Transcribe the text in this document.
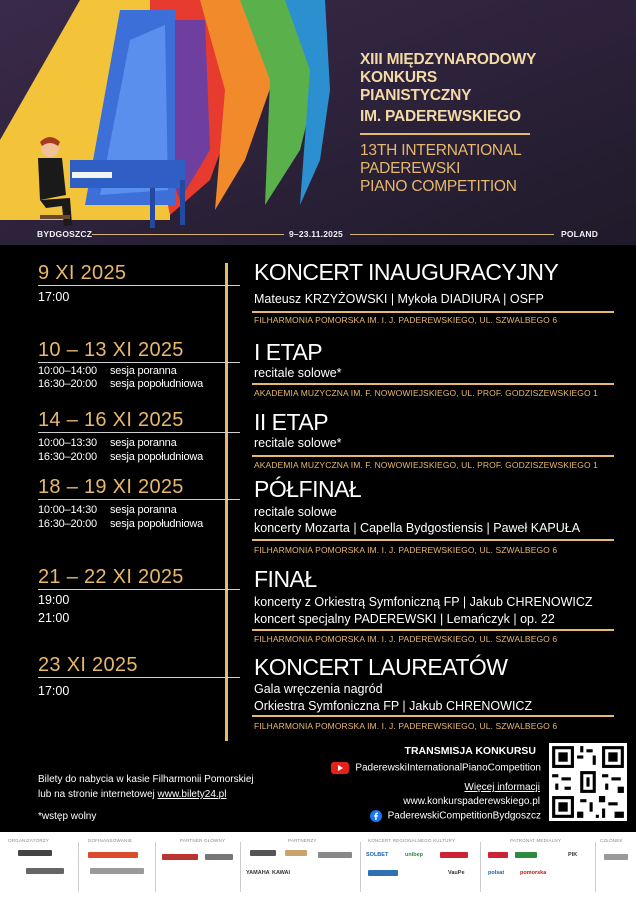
XIII MIĘDZYNARODOWY
KONKURS
PIANISTYCZNY
IM. PADEREWSKIEGO
13TH INTERNATIONAL
PADEREWSKI
PIANO COMPETITION
BYDGOSZCZ	9–23.11.2025	POLAND
9 XI 2025
17:00
KONCERT INAUGURACYJNY
Mateusz KRZYŻOWSKI | Mykoła DIADIURA | OSFP
FILHARMONIA POMORSKA IM. I. J. PADEREWSKIEGO, UL. SZWALBEGO 6
10 – 13 XI 2025
10:00–14:00 sesja poranna
16:30–20:00 sesja popołudniowa
I ETAP
recitale solowe*
AKADEMIA MUZYCZNA IM. F. NOWOWIEJSKIEGO, UL. PROF. GODZISZEWSKIEGO 1
14 – 16 XI 2025
10:00–13:30 sesja poranna
16:30–20:00 sesja popołudniowa
II ETAP
recitale solowe*
AKADEMIA MUZYCZNA IM. F. NOWOWIEJSKIEGO, UL. PROF. GODZISZEWSKIEGO 1
18 – 19 XI 2025
10:00–14:30 sesja poranna
16:30–20:00 sesja popołudniowa
PÓŁFINAŁ
recitale solowe
koncerty Mozarta | Capella Bydgostiensis | Paweł KAPUŁA
FILHARMONIA POMORSKA IM. I. J. PADEREWSKIEGO, UL. SZWALBEGO 6
21 – 22 XI 2025
19:00
21:00
FINAŁ
koncerty z Orkiestrą Symfoniczną FP | Jakub CHRENOWICZ
koncert specjalny PADEREWSKI | Lemańczyk | op. 22
FILHARMONIA POMORSKA IM. I. J. PADEREWSKIEGO, UL. SZWALBEGO 6
23 XI 2025
17:00
KONCERT LAUREATÓW
Gala wręczenia nagród
Orkiestra Symfoniczna FP | Jakub CHRENOWICZ
FILHARMONIA POMORSKA IM. I. J. PADEREWSKIEGO, UL. SZWALBEGO 6
Bilety do nabycia w kasie Filharmonii Pomorskiej
lub na stronie internetowej www.bilety24.pl
*wstęp wolny
TRANSMISJA KONKURSU
PaderewskiInternationalPianoCompetition
Więcej informacji
www.konkurspaderewskiego.pl
PaderewskiCompetitionBydgoszcz
ORGANIZATORZY	DOFINANSOWANIE	PARTNER GŁÓWNY	PARTNERZY	KONCERT REGIONALNEGO KULTURY	PATRONAT MEDIALNY	CZŁONEK
YAMAHA KAWAI
SOLBET	unibep
VauPe	polsat	pomorska
PIK
